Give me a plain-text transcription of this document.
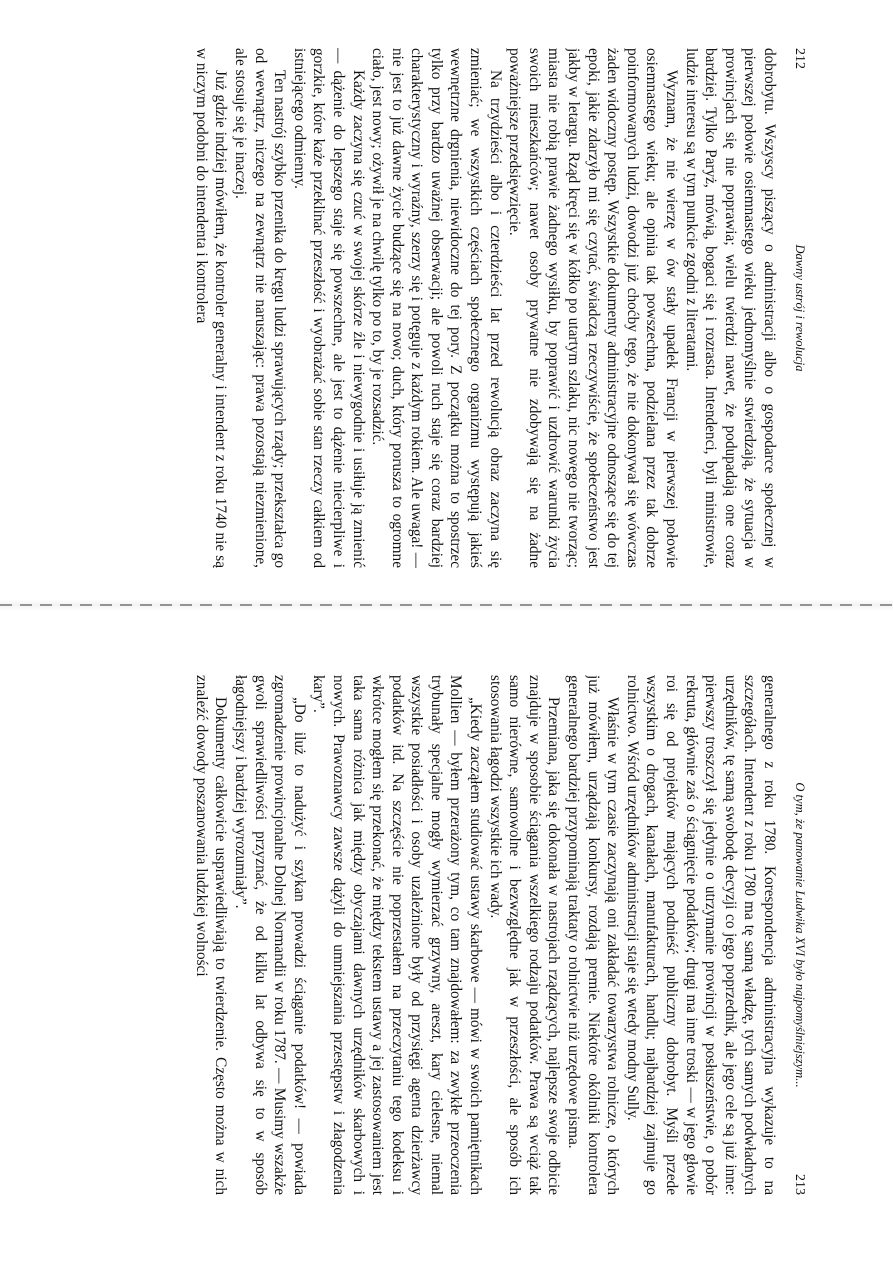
212
Dawny ustrój i rewolucja

dobrobytu. Wszyscy piszący o administracji albo o gospodarce społecznej w pierwszej połowie osiemnastego wieku jednomyślnie stwierdzają, że sytuacja w prowincjach się nie poprawia; wielu twierdzi nawet, że podupadają one coraz bardziej. Tylko Paryż, mówią, bogaci się i rozrasta. Intendenci, byli ministrowie, ludzie interesu są w tym punkcie zgodni z literatami.

Wyznam, że nie wierzę w ów stały upadek Francji w pierwszej połowie osiemnastego wieku; ale opinia tak powszechna, podzielana przez tak dobrze poinformowanych ludzi, dowodzi już choćby tego, że nie dokonywał się wówczas żaden widoczny postęp. Wszystkie dokumenty administracyjne odnoszące się do tej epoki, jakie zdarzyło mi się czytać, świadczą rzeczywiście, że społeczeństwo jest jakby w letargu. Rząd kręci się w kółko po utartym szlaku, nic nowego nie tworząc; miasta nie robią prawie żadnego wysiłku, by poprawić i uzdrowić warunki życia swoich mieszkańców; nawet osoby prywatne nie zdobywają się na żadne poważniejsze przedsięwzięcie.

Na trzydzieści albo i czterdzieści lat przed rewolucją obraz zaczyna się zmieniać; we wszystkich częściach społecznego organizmu występują jakieś wewnętrzne drgnienia, niewidoczne do tej pory. Z początku można to spostrzec tylko przy bardzo uważnej obserwacji; ale powoli ruch staje się coraz bardziej charakterystyczny i wyraźny, szerzy się i potęguje z każdym rokiem. Ale uwaga! — nie jest to już dawne życie budzące się na nowo; duch, który porusza to ogromne ciało, jest nowy; ożywił je na chwilę tylko po to, by je rozsadzić.

Każdy zaczyna się czuć w swojej skórze źle i niewygodnie i usiłuje ją zmienić — dążenie do lepszego staje się powszechne, ale jest to dążenie niecierpliwe i gorzkie, które każe przeklinać przeszłość i wyobrażać sobie stan rzeczy całkiem od istniejącego odmienny.

Ten nastrój szybko przenika do kręgu ludzi sprawujących rządy; przekształca go od wewnątrz, niczego na zewnątrz nie naruszając: prawa pozostają niezmienione, ale stosuje się je inaczej.

Już gdzie indziej mówiłem, że kontroler generalny i intendent z roku 1740 nie są w niczym podobni do intendenta i kontrolera

O tym, że panowanie Ludwika XVI było najpomyślniejszym...
213

generalnego z roku 1780. Korespondencja administracyjna wykazuje to na szczegółach. Intendent z roku 1780 ma tę samą władzę, tych samych podwładnych urzędników, tę samą swobodę decyzji co jego poprzednik, ale jego cele są już inne: pierwszy troszczył się jedynie o utrzymanie prowincji w posłuszeństwie, o pobór rekruta, głównie zaś o ściągnięcie podatków; drugi ma inne troski — w jego głowie roi się od projektów mających podnieść publiczny dobrobyt. Myśli przede wszystkim o drogach, kanałach, manufakturach, handlu; najbardziej zajmuje go rolnictwo. Wśród urzędników administracji staje się wtedy modny Sully.

Właśnie w tym czasie zaczynają oni zakładać towarzystwa rolnicze, o których już mówiłem, urządzają konkursy, rozdają premie. Niektóre okólniki kontrolera generalnego bardziej przypominają traktaty o rolnictwie niż urzędowe pisma.

Przemiana, jaka się dokonała w nastrojach rządzących, najlepsze swoje odbicie znajduje w sposobie ściągania wszelkiego rodzaju podatków. Prawa są wciąż tak samo nierówne, samowolne i bezwzględne jak w przeszłości, ale sposób ich stosowania łagodzi wszystkie ich wady.

„Kiedy zacząłem studiować ustawy skarbowe — mówi w swoich pamiętnikach Mollien — byłem przerażony tym, co tam znajdowałem: za zwykłe przeoczenia trybunały specjalne mogły wymierzać grzywny, areszt, kary cielesne, niemal wszystkie posiadłości i osoby uzależnione były od przysięgi agenta dzierżawcy podatków itd. Na szczęście nie poprzestałem na przeczytaniu tego kodeksu i wkrótce mogłem się przekonać, że między tekstem ustawy a jej zastosowaniem jest taka sama różnica jak między obyczajami dawnych urzędników skarbowych i nowych. Prawoznawcy zawsze dążyli do umniejszania przestępstw i złagodzenia kary”.

„Do iluż to nadużyć i szykan prowadzi ściąganie podatków! — powiada zgromadzenie prowincjonalne Dolnej Normandii w roku 1787. — Musimy wszakże gwoli sprawiedliwości przyznać, że od kilku lat odbywa się to w sposób łagodniejszy i bardziej wyrozumiały”.

Dokumenty całkowicie usprawiedliwiają to twierdzenie. Często można w nich znaleźć dowody poszanowania ludzkiej wolności
